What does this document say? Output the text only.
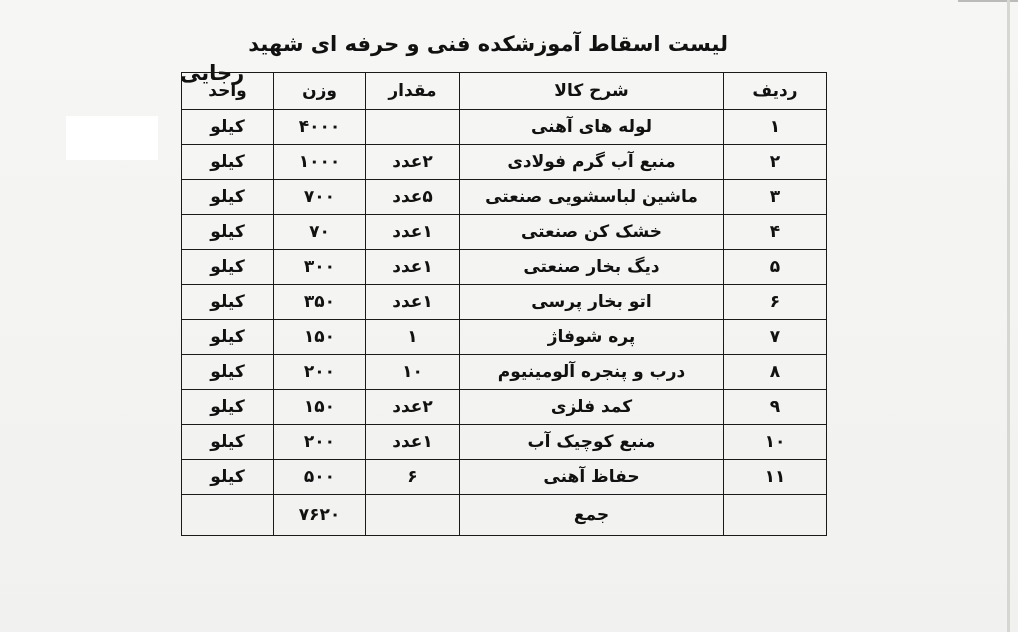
لیست اسقاط آموزشکده فنی و حرفه ای شهید
رجایی
ردیف	شرح کالا	مقدار	وزن	واحد
۱	لوله های آهنی		۴۰۰۰	کیلو
۲	منبع آب گرم فولادی	۲عدد	۱۰۰۰	کیلو
۳	ماشین لباسشویی صنعتی	۵عدد	۷۰۰	کیلو
۴	خشک کن صنعتی	۱عدد	۷۰	کیلو
۵	دیگ بخار صنعتی	۱عدد	۳۰۰	کیلو
۶	اتو بخار پرسی	۱عدد	۳۵۰	کیلو
۷	پره شوفاژ	۱	۱۵۰	کیلو
۸	درب و پنجره آلومینیوم	۱۰	۲۰۰	کیلو
۹	کمد فلزی	۲عدد	۱۵۰	کیلو
۱۰	منبع کوچیک آب	۱عدد	۲۰۰	کیلو
۱۱	حفاظ آهنی	۶	۵۰۰	کیلو
	جمع		۷۶۲۰	
